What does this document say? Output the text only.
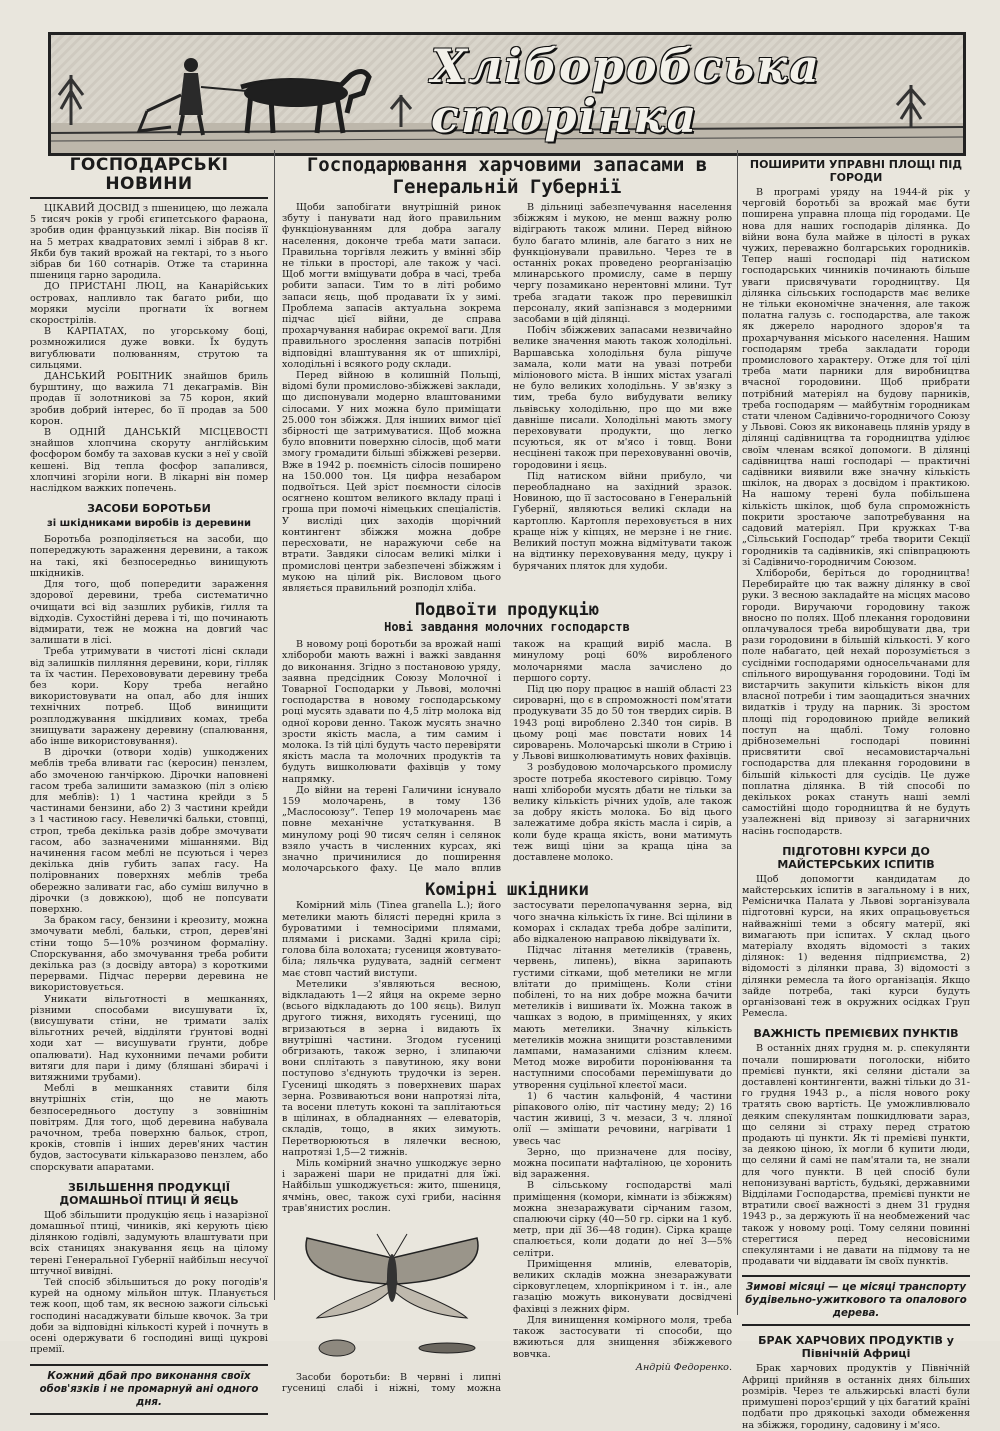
Хліборобська сторінка
ГОСПОДАРСЬКІ НОВИНИ

ЦІКАВИЙ ДОСВІД з пшеницею, що лежала 5 тисяч років у гробі єгипетського фараона, зробив один французький лікар. Він посіяв її на 5 метрах квадратових землі і зібрав 8 кг. Якби був такий врожай на гектарі, то з нього зібрав би 160 сотнарів. Отже та старинна пшениця гарно зародила.

ДО ПРИСТАНІ ЛЮЦ, на Канарійських островах, напливло так багато риби, що моряки мусіли прогнати їх вогнем скорострілів.

В КАРПАТАХ, по угорському боці, розмножилися дуже вовки. Їх будуть вигублювати полюванням, струтою та сильцями.

ДАНСЬКИЙ РОБІТНИК знайшов бриль бурштину, що важила 71 декаграмів. Він продав її золотникові за 75 корон, який зробив добрий інтерес, бо її продав за 500 корон.

В ОДНІЙ ДАНСЬКІЙ МІСЦЕВОСТІ знайшов хлопчина скоруту англійським фосфором бомбу та заховав куски з неї у своїй кешені. Від тепла фосфор запалився, хлопчині згоріли ноги. В лікарні він помер наслідком важких попечень.

ЗАСОБИ БОРОТЬБИ
зі шкідниками виробів із деревини

Боротьба розподіляється на засоби, що попереджують зараження деревини, а також на такі, які безпосередньо винищують шкідників.

Для того, щоб попередити зараження здорової деревини, треба систематично очищати всі від зазшлих рубиків, ґилля та відходів. Сухостійні дерева і ті, що починають відмирати, теж не можна на довгий час залишати в лісі.

Треба утримувати в чистоті лісні склади від залишків пилляння деревини, кори, гілляк та їх частин. Перехововувати деревину треба без кори. Кору треба негайно використовувати на опал, або для інших технічних потреб. Щоб винищити розплоджування шкідливих комах, треба знищувати заражену деревину (спалювання, або інше використовування).

В дірочки (отвори ходів) ушкоджених меблів треба вливати гас (керосин) пензлем, або змоченою ганчіркою. Дірочки наповнені гасом треба залишити замазкою (піл з олією для меблів): 1) 1 частина крейди з 5 частинами бензини, або 2) 3 частини крейди з 1 частиною гасу. Невеличкі бальки, стовпці, строп, треба декілька разів добре змочувати гасом, або зазначеними мішаннями. Від начинення гасом меблі не псуються і через декілька днів губить запах гасу. На поліровнаних поверхнях меблів треба обережно заливати гас, або суміш вилучно в дірочки (з довжкою), щоб не попсувати поверхню.

За браком гасу, бензини і креозиту, можна змочувати меблі, бальки, строп, дерев'яні стіни тощо 5—10% розчином формаліну. Спорскування, або змочування треба робити декілька раз (з досвіду автора) з короткими перервами. Підчас перерви деревина не використовується.

Уникати вільготності в мешканнях, різними способами висушувати їх, (висушувати стіни, не тримати заліх вільготних речей, відділяти ґрунтові водні ходи хат — висушувати ґрунти, добре опалювати). Над кухонними печами робити витяги для пари і диму (бляшані збирачі і витяжними трубами).

Меблі в мешканнях ставити біля внутрішніх стін, що не мають безпосереднього доступу з зовнішнім повітрям. Для того, щоб деревина набувала рачочном, треба поверхню бальок, строп, кроків, стовпів і інших дерев'яних частин будов, застосувати кількаразово пензлем, або спорскувати апаратами.

ЗБІЛЬШЕННЯ ПРОДУКЦІЇ ДОМАШНЬОЇ ПТИЦІ Й ЯЄЦЬ

Щоб збільшити продукцію яєць і назарізної домашньої птиці, чиників, які керують цією ділянкою годівлі, задумують влаштувати при всіх станицях знакування яєць на цілому терені Генеральної Губернії найбільш несучої штучної вивідні.

Тей спосіб збільшиться до року погодів'я курей на одному мільйон штук. Планується теж кооп, щоб там, як весною зажоги сільські господині насаджувати більше квочок. За три доби за відповідні кількості курей і почнуть в осені одержувати 6 господині вищі цукрові премії.

Кожний дбай про виконання своїх обов'язків і не промарнуй ані одного дня.
Господарювання харчовими запасами в Генеральній Губернії

Щоби запобігати внутрішній ринок збуту і панувати над його правильним функціонуванням для добра загалу населення, доконче треба мати запаси. Правильна торгівля лежить у вмінні збір не тільки в просторі, але також у часі. Щоб могти вміщувати добра в часі, треба робити запаси. Тим то в літі робимо запаси яєць, щоб продавати їх у зимі. Проблема запасів актуальна зокрема підчас цієї війни, де справа прохарчування набирає окремої ваги. Для правильного зрослення запасів потрібні відповідні влаштування як от шпихлірі, холодільні і всякого роду склади.

Перед війною в колишній Польщі, відомі були промислово-збіжжеві заклади, що диспонували модерно влаштованими сілосами. У них можна було приміщати 25.000 тон збіжжя. Для іншиих вимог цієї збірності ще затримуватися. Щоб можна було вповнити поверхню сілосів, щоб мати змогу громадити більші збіжжеві резерви. Вже в 1942 р. поємність сілосів поширено на 150.000 тон. Ця цифра незабаром подвоїться. Цей зріст поємности сілосів осягнено коштом великого вкладу праці і гроша при помочі німецьких спеціалістів. У висліді цих заходів щорічний контингент збіжжя можна добре пересховати, не наражуючи себе на втрати. Завдяки сілосам великі мілки і промислові центри забезпечені збіжжям і мукою на цілий рік. Висловом цього являється правильний розподіл хліба.

В дільниці забезпечування населення збіжжям і мукою, не менш важну ролю відіграють також млини. Перед війною було багато млинів, але багато з них не функціонували правильно. Через те в останніх роках проведено реорганізацію млинарського промислу, саме в першу чергу позамикано нерентовні млини. Тут треба згадати також про перевишкіл персоналу, який запізнався з модерними засобами в цій ділянці.

Побіч збіжжевих запасами незвичайно велике значення мають також холодільні. Варшавська холодільня була рішуче замала, коли мати на увазі потреби міліонового міста. В інших містах узагалі не було великих холодільнь. У зв'язку з тим, треба було вибудувати велику львівську холодільню, про що ми вже давніше писали. Холодільні мають змогу переховувати продукти, що легко псуються, як от м'ясо і товщ. Вони несцінені також при переховуванні овочів, городовини і яєць.

Під натиском війни прибуло, чи переобладнано на західний зразок. Новиною, що її застосовано в Генеральній Губернії, являються великі склади на картоплю. Картопля переховується в них краще ніж у кіпцях, не мерзне і не гниє. Великий поступ можна відмітувати також на відтинку переховування меду, цукру і бурячаних пляток для худоби.

Подвоїти продукцію
Нові завдання молочних господарств

В новому році боротьби за врожай наші хлібороби мають важні і важкі завдання до виконання. Згідно з постановою уряду, заявна предсідник Союзу Молочної і Товарної Господарки у Львові, молочні господарства в новому господарському році мусять здавати по 4,5 літр молока від одної корови денно. Також мусять значно зрости якість масла, а тим самим і молока. Із тій цілі будуть часто перевіряти якість масла та молочних продуктів та будуть вишколювати фахівців у тому напрямку.

До війни на терені Галичини існувало 159 молочарень, в тому 136 „Маслосоюзу“. Тепер 19 молочарень має повне механічне устаткування. В минулому році 90 тисяч селян і селянок взяло участь в численних курсах, які значно причинилися до поширення молочарського фаху. Це мало вплив також на кращий виріб масла. В минулому році 60% виробленого молочарнями масла зачислено до першого сорту.

Під цю пору працює в нашій області 23 сироварні, що є в спроможності пом'ятати продукувати 35 до 50 тон твердих сирів. В 1943 році вироблено 2.340 тон сирів. В цьому році має повстати нових 14 сироварень. Молочарські школи в Стрию і у Львові вишколюватимуть нових фахівців.

З розбудовою молочарського промислу зросте потреба якостевого сирівцю. Тому наші хлібороби мусять дбати не тільки за велику кількість річних удоїв, але також за добру якість молока. Бо від цього залежатиме добра якість масла і сирів, а коли буде краща якість, вони матимуть теж вищі ціни за краща ціна за доставлене молоко.

Комірні шкідники

Комірний міль (Tinea granella L.); його метелики мають білясті передні крила з буроватими і темносірими плямами, плямами і рисками. Задні крила сірі; голова біла волохата; гусениця жовтувато-біла; ляльчка рудувата, задній сегмент має стовп частий виступи.

Метелики з'являються весною, відкладають 1—2 яйця на окреме зерно (всього відкладають до 100 яєць). Вилуп другого тижня, виходять гусениці, що вгризаються в зерна і видають їх внутрішні частини. Згодом гусениці обгризають, також зерно, і злипаючи вони сплітають з павутиною, яку вони поступово з'єднують трудочки із зерен. Гусениці шкодять з поверхневих шарах зерна. Розвиваються вони напротязі літа, та восени плетуть коконі та заплітаються в щілинах, в обладнаннях — елеваторів, складів, тощо, в яких зимують. Перетворюються в лялечки весною, напротязі 1,5—2 тижнів.

Міль комірний значно ушкоджує зерно і заражені шари не придатні для їжі. Найбільш ушкоджується: жито, пшениця, ячмінь, овес, також сухі гриби, насіння трав'янистих рослин.

Засоби боротьби: В червні і липні гусениці слабі і ніжні, тому можна застосувати перелопачування зерна, від чого значна кількість їх гине. Всі щілини в коморах і складах треба добре заліпити, або відкаленою направою ліквідувати їх.

Підчас літання метеликів (травень, червень, липень), вікна зарипають густими сітками, щоб метелики не мгли влітати до приміщень. Коли стіни побілені, то на них добре можна бачити метеликів і вишивати їх. Можна також в чашках з водою, в приміщеннях, у яких мають метелики. Значну кількість метеликів можна знищити розставленими лампами, намазаними слізним клеєм. Метод може виробити пороніювання та наступними способами перемішувати до утворення суцільної клеєтої маси.

1) 6 частин кальфоній, 4 частини ріпакового олію, піт частину меду; 2) 16 частин живиці, 3 ч. мезаси, 3 ч. лляної олії — змішати речовини, нагрівати 1 увесь час

Зерно, що призначене для посіву, можна посипати нафталіною, це хоронить від зараження.

В сільському господарстві малі приміщення (комори, кімнати із збіжжям) можна знезаражувати сірчаним газом, спалюючи сірку (40—50 гр. сірки на 1 куб. метр, при дії 36—48 годин). Сірка краще спалюється, коли додати до неї 3—5% селітри.

Приміщення млинів, елеваторів, великих складів можна знезаражувати сірковуглецем, хлорпікрином і т. ін., але газацію можуть виконувати досвідчені фахівці з лежних фірм.

Для винищення комірного моля, треба також застосувати ті способи, що вжиються для знищення збіжжевого вовчка.

Андрій Федоренко.
ПОШИРИТИ УПРАВНІ ПЛОЩІ ПІД ГОРОДИ

В програмі уряду на 1944-й рік у черговій боротьбі за врожай має бути поширена управна площа під городами. Це нова для наших господарів ділянка. До війни вона була майже в цілості в руках чужих, переважно болгарських городників. Тепер наші господарі під натиском господарських чинників починають більше уваги присвячувати городництву. Ця ділянка сільських господарств має велике не тільки економічне значення, але також полатна галузь с. господарства, але також як джерело народного здоров'я та прохарчування міського населення. Нашим господарям треба закладати городи промислового характеру. Отже для тої цілі треба мати парники для виробництва вчасної городовини. Щоб прибрати потрібний матеріял на будову парників, треба господарям — майбутнім городникам стати членом Садівничо-городничого Союзу у Львові. Союз як виконавець плянів уряду в ділянці садівництва та городництва уділює своїм членам всякої допомоги. В ділянці садівництва наші господарі — практичні садівники виявили вже значну кількість шкілок, на дворах з досвідом і практикою. На нашому терені була побільшена кількість шкілок, щоб була спроможність покрити зростаюче запотребування на садовий матеріял. При кружках Т-ва „Сільський Господар“ треба творити Секції городників та садівників, які співпрацюють зі Садівничо-городничим Союзом.

Хлібороби, беріться до городництва! Перебирайте цю так важну ділянку в свої руки. З весною закладайте на місцях масово городи. Виручаючи городовину також вносно по полях. Щоб плекання городовини оплачувалося треба виробщувати два, три рази городовини в більшій кількості. У кого поле набагато, цей нехай порозуміється з сусідніми господарями односельчанами для спільного вирощування городовини. Тоді їм вистарчить закупити кількість вікон для власної потреби і тим заощадиться значних видатків і труду на парник. Зі зростом площі під городовиною прийде великий поступ на щаблі. Тому головно дрібноземельні господарі повинні присвятити свої несамовистарчальні господарства для плекання городовини в більшій кількості для сусідів. Це дуже поплатна ділянка. В тій способі по декількох роках стануть наші землі самостійні щодо городництва й не будуть узалежнені від привозу зі загарничних насінь господарств.

ПІДГОТОВНІ КУРСИ ДО МАЙСТЕРСЬКИХ ІСПИТІВ

Щоб допомогти кандидатам до майстерських іспитів в загальному і в них, Ремісничка Палата у Львові зорганізувала підготовні курси, на яких опрацьовується найважніші теми з обсягу матерії, які вимагають при іспитах. У склад цього матеріалу входять відомості з таких ділянок: 1) ведення підприємства, 2) відомості з ділянки права, 3) відомості з ділянки ремесла та його організація. Якщо зайде потреба, такі курси будуть організовані теж в окружних осідках Груп Ремесла.

ВАЖНІСТЬ ПРЕМІЄВИХ ПУНКТІВ

В останніх днях грудня м. р. спекулянти почали поширювати поголоски, нібито премієві пункти, які селяни дістали за доставлені контингенти, важні тільки до 31-го грудня 1943 р., а після нового року тратять свою вартість. Це уможливлювало деяким спекулянтам пошкидлювати зараз, що селяни зі страху перед стратою продають ці пункти. Як ті премієві пункти, за деякою ціною, їх могли б купити люди, що селяни й самі не пам'ятали та, не знали для чого пункти. В цей спосіб були непонизувані вартість, будьякі, державними Відділами Господарства, премієві пункти не втратили своєї важності з днем 31 грудня 1943 р., за держують її на необмежений час також у новому році. Тому селяни повинні стерегтися перед несовісними спекулянтами і не давати на підмову та не продавати чи віддавати їм своїх пунктів.

Зимові місяці — це місяці транспорту будівельно-ужиткового та опалового дерева.
БРАК ХАРЧОВИХ ПРОДУКТІВ у Північній Африці

Брак харчових продуктів у Північній Африці прийняв в останніх днях більших розмірів. Через те альжирські власті були примушені пороз'єрщий у ціх багатий країні подбати про дрякоцькі заходи обмеження на збіжжя, городину, садовину і м'ясо.
